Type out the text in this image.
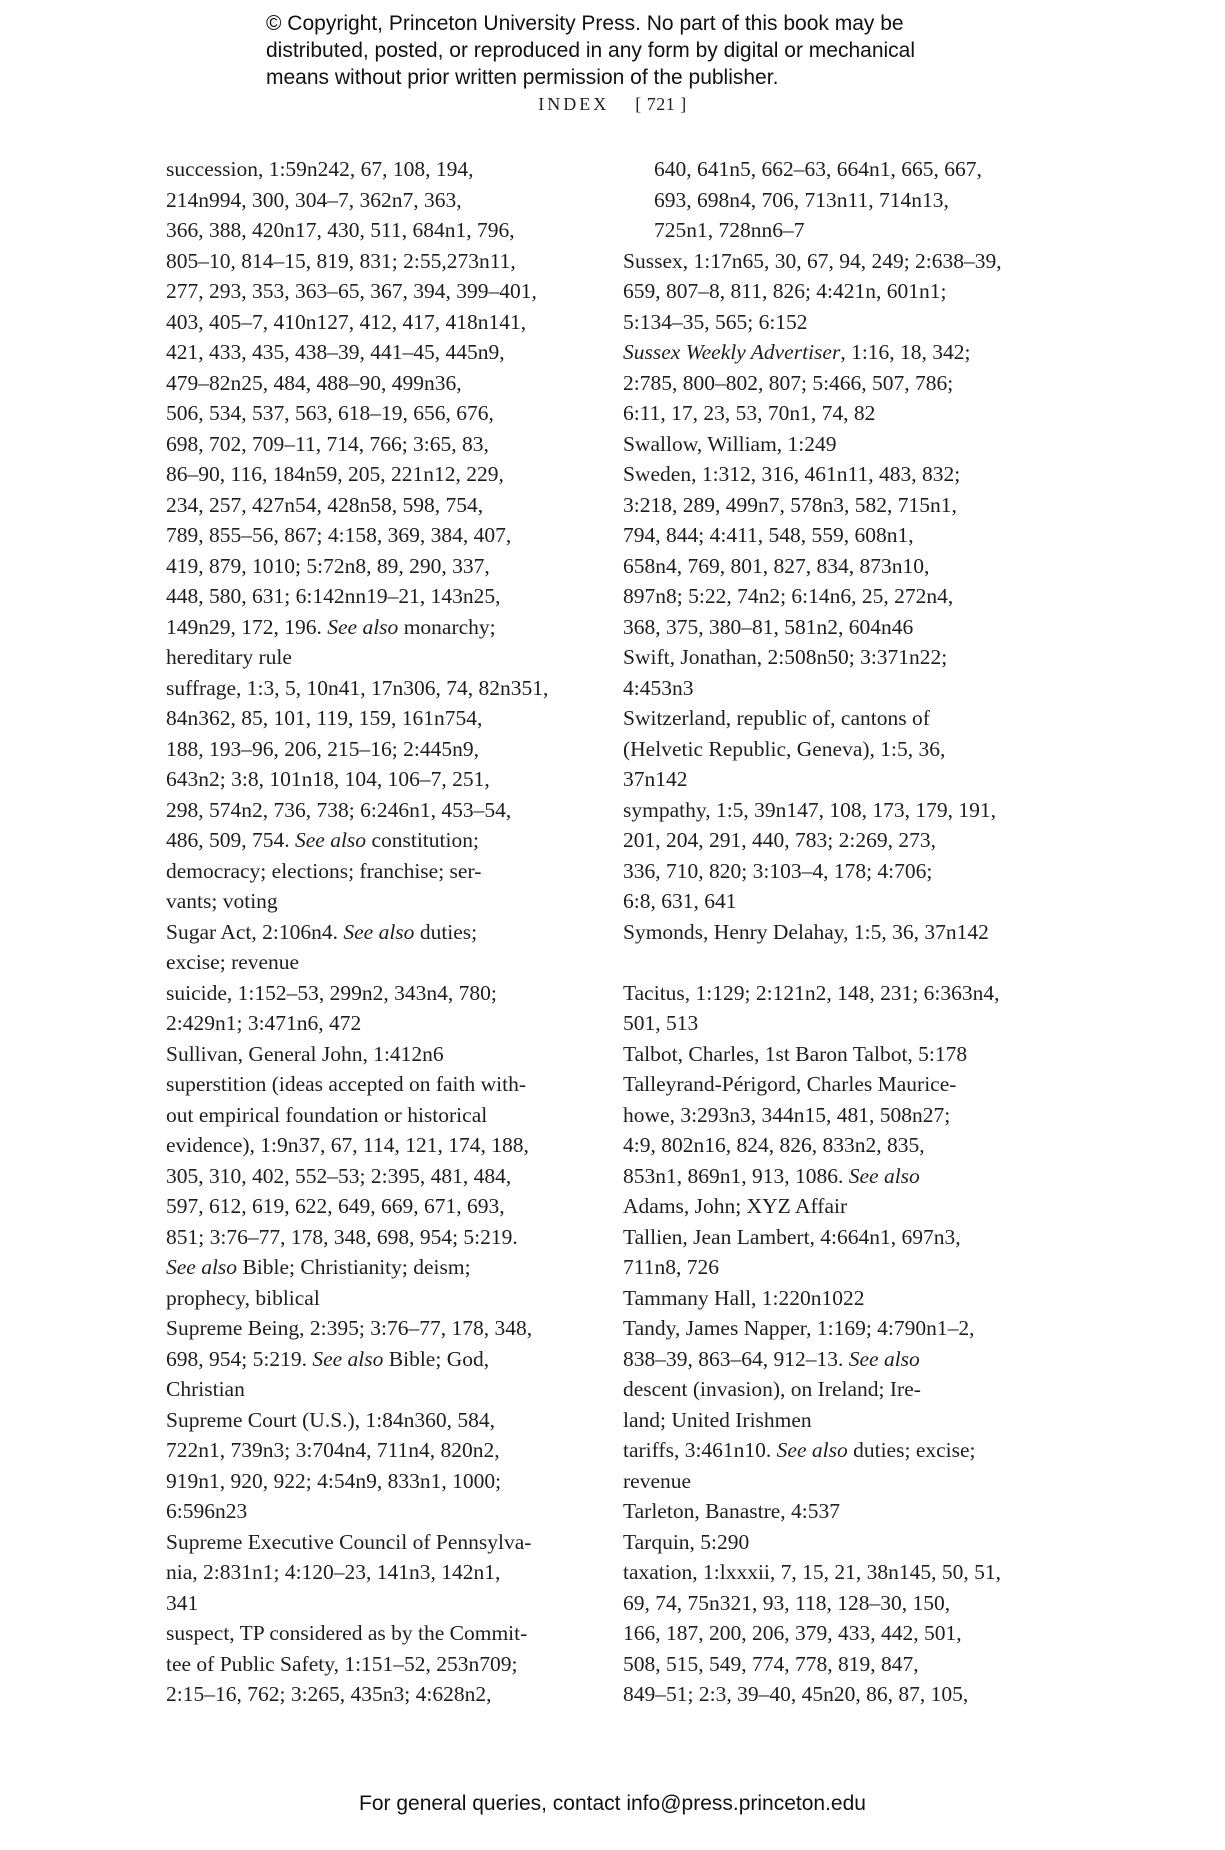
© Copyright, Princeton University Press. No part of this book may be
distributed, posted, or reproduced in any form by digital or mechanical
means without prior written permission of the publisher.
INDEX [ 721 ]
succession, 1:59n242, 67, 108, 194,
214n994, 300, 304–7, 362n7, 363,
366, 388, 420n17, 430, 511, 684n1, 796,
805–10, 814–15, 819, 831; 2:55,273n11,
277, 293, 353, 363–65, 367, 394, 399–401,
403, 405–7, 410n127, 412, 417, 418n141,
421, 433, 435, 438–39, 441–45, 445n9,
479–82n25, 484, 488–90, 499n36,
506, 534, 537, 563, 618–19, 656, 676,
698, 702, 709–11, 714, 766; 3:65, 83,
86–90, 116, 184n59, 205, 221n12, 229,
234, 257, 427n54, 428n58, 598, 754,
789, 855–56, 867; 4:158, 369, 384, 407,
419, 879, 1010; 5:72n8, 89, 290, 337,
448, 580, 631; 6:142nn19–21, 143n25,
149n29, 172, 196. See also monarchy;
hereditary rule
suffrage, 1:3, 5, 10n41, 17n306, 74, 82n351,
84n362, 85, 101, 119, 159, 161n754,
188, 193–96, 206, 215–16; 2:445n9,
643n2; 3:8, 101n18, 104, 106–7, 251,
298, 574n2, 736, 738; 6:246n1, 453–54,
486, 509, 754. See also constitution;
democracy; elections; franchise; ser-
vants; voting
Sugar Act, 2:106n4. See also duties;
excise; revenue
suicide, 1:152–53, 299n2, 343n4, 780;
2:429n1; 3:471n6, 472
Sullivan, General John, 1:412n6
superstition (ideas accepted on faith with-
out empirical foundation or historical
evidence), 1:9n37, 67, 114, 121, 174, 188,
305, 310, 402, 552–53; 2:395, 481, 484,
597, 612, 619, 622, 649, 669, 671, 693,
851; 3:76–77, 178, 348, 698, 954; 5:219.
See also Bible; Christianity; deism;
prophecy, biblical
Supreme Being, 2:395; 3:76–77, 178, 348,
698, 954; 5:219. See also Bible; God,
Christian
Supreme Court (U.S.), 1:84n360, 584,
722n1, 739n3; 3:704n4, 711n4, 820n2,
919n1, 920, 922; 4:54n9, 833n1, 1000;
6:596n23
Supreme Executive Council of Pennsylva-
nia, 2:831n1; 4:120–23, 141n3, 142n1,
341
suspect, TP considered as by the Commit-
tee of Public Safety, 1:151–52, 253n709;
2:15–16, 762; 3:265, 435n3; 4:628n2,
640, 641n5, 662–63, 664n1, 665, 667,
693, 698n4, 706, 713n11, 714n13,
725n1, 728nn6–7
Sussex, 1:17n65, 30, 67, 94, 249; 2:638–39,
659, 807–8, 811, 826; 4:421n, 601n1;
5:134–35, 565; 6:152
Sussex Weekly Advertiser, 1:16, 18, 342;
2:785, 800–802, 807; 5:466, 507, 786;
6:11, 17, 23, 53, 70n1, 74, 82
Swallow, William, 1:249
Sweden, 1:312, 316, 461n11, 483, 832;
3:218, 289, 499n7, 578n3, 582, 715n1,
794, 844; 4:411, 548, 559, 608n1,
658n4, 769, 801, 827, 834, 873n10,
897n8; 5:22, 74n2; 6:14n6, 25, 272n4,
368, 375, 380–81, 581n2, 604n46
Swift, Jonathan, 2:508n50; 3:371n22;
4:453n3
Switzerland, republic of, cantons of
(Helvetic Republic, Geneva), 1:5, 36,
37n142
sympathy, 1:5, 39n147, 108, 173, 179, 191,
201, 204, 291, 440, 783; 2:269, 273,
336, 710, 820; 3:103–4, 178; 4:706;
6:8, 631, 641
Symonds, Henry Delahay, 1:5, 36, 37n142
Tacitus, 1:129; 2:121n2, 148, 231; 6:363n4,
501, 513
Talbot, Charles, 1st Baron Talbot, 5:178
Talleyrand-Périgord, Charles Maurice-
howe, 3:293n3, 344n15, 481, 508n27;
4:9, 802n16, 824, 826, 833n2, 835,
853n1, 869n1, 913, 1086. See also
Adams, John; XYZ Affair
Tallien, Jean Lambert, 4:664n1, 697n3,
711n8, 726
Tammany Hall, 1:220n1022
Tandy, James Napper, 1:169; 4:790n1–2,
838–39, 863–64, 912–13. See also
descent (invasion), on Ireland; Ire-
land; United Irishmen
tariffs, 3:461n10. See also duties; excise;
revenue
Tarleton, Banastre, 4:537
Tarquin, 5:290
taxation, 1:lxxxii, 7, 15, 21, 38n145, 50, 51,
69, 74, 75n321, 93, 118, 128–30, 150,
166, 187, 200, 206, 379, 433, 442, 501,
508, 515, 549, 774, 778, 819, 847,
849–51; 2:3, 39–40, 45n20, 86, 87, 105,
For general queries, contact info@press.princeton.edu
